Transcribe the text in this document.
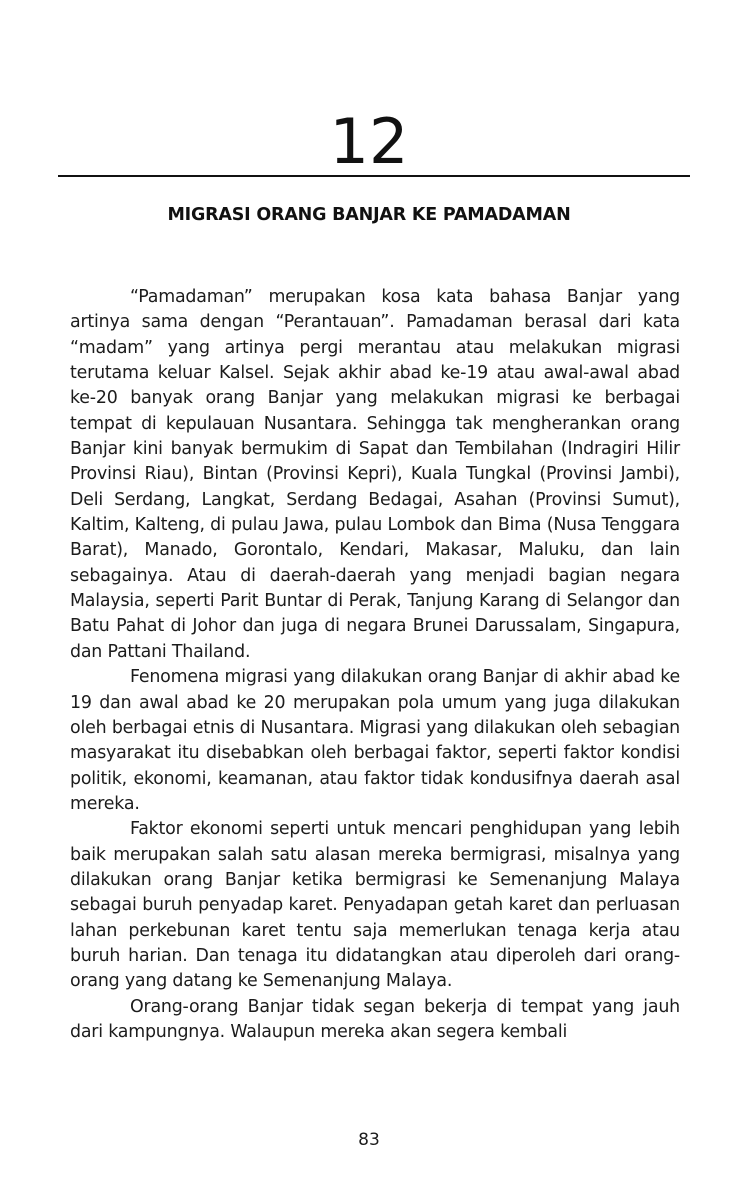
12
MIGRASI ORANG BANJAR KE PAMADAMAN

“Pamadaman” merupakan kosa kata bahasa Banjar yang artinya sama dengan “Perantauan”. Pamadaman berasal dari kata “madam” yang artinya pergi merantau atau melakukan migrasi terutama keluar Kalsel. Sejak akhir abad ke-19 atau awal-awal abad ke-20 banyak orang Banjar yang melakukan migrasi ke berbagai tempat di kepulauan Nusantara. Sehingga tak mengherankan orang Banjar kini banyak bermukim di Sapat dan Tembilahan (Indragiri Hilir Provinsi Riau), Bintan (Provinsi Kepri), Kuala Tungkal (Provinsi Jambi), Deli Serdang, Langkat, Serdang Bedagai, Asahan (Provinsi Sumut), Kaltim, Kalteng, di pulau Jawa, pulau Lombok dan Bima (Nusa Tenggara Barat), Manado, Gorontalo, Kendari, Makasar, Maluku, dan lain sebagainya. Atau di daerah-daerah yang menjadi bagian negara Malaysia, seperti Parit Buntar di Perak, Tanjung Karang di Selangor dan Batu Pahat di Johor dan juga di negara Brunei Darussalam, Singapura, dan Pattani Thailand.

Fenomena migrasi yang dilakukan orang Banjar di akhir abad ke 19 dan awal abad ke 20 merupakan pola umum yang juga dilakukan oleh berbagai etnis di Nusantara. Migrasi yang dilakukan oleh sebagian masyarakat itu disebabkan oleh berbagai faktor, seperti faktor kondisi politik, ekonomi, keamanan, atau faktor tidak kondusifnya daerah asal mereka.

Faktor ekonomi seperti untuk mencari penghidupan yang lebih baik merupakan salah satu alasan mereka bermigrasi, misalnya yang dilakukan orang Banjar ketika bermigrasi ke Semenanjung Malaya sebagai buruh penyadap karet. Penyadapan getah karet dan perluasan lahan perkebunan karet tentu saja memerlukan tenaga kerja atau buruh harian. Dan tenaga itu didatangkan atau diperoleh dari orang-orang yang datang ke Semenanjung Malaya.

Orang-orang Banjar tidak segan bekerja di tempat yang jauh dari kampungnya. Walaupun mereka akan segera kembali

83
